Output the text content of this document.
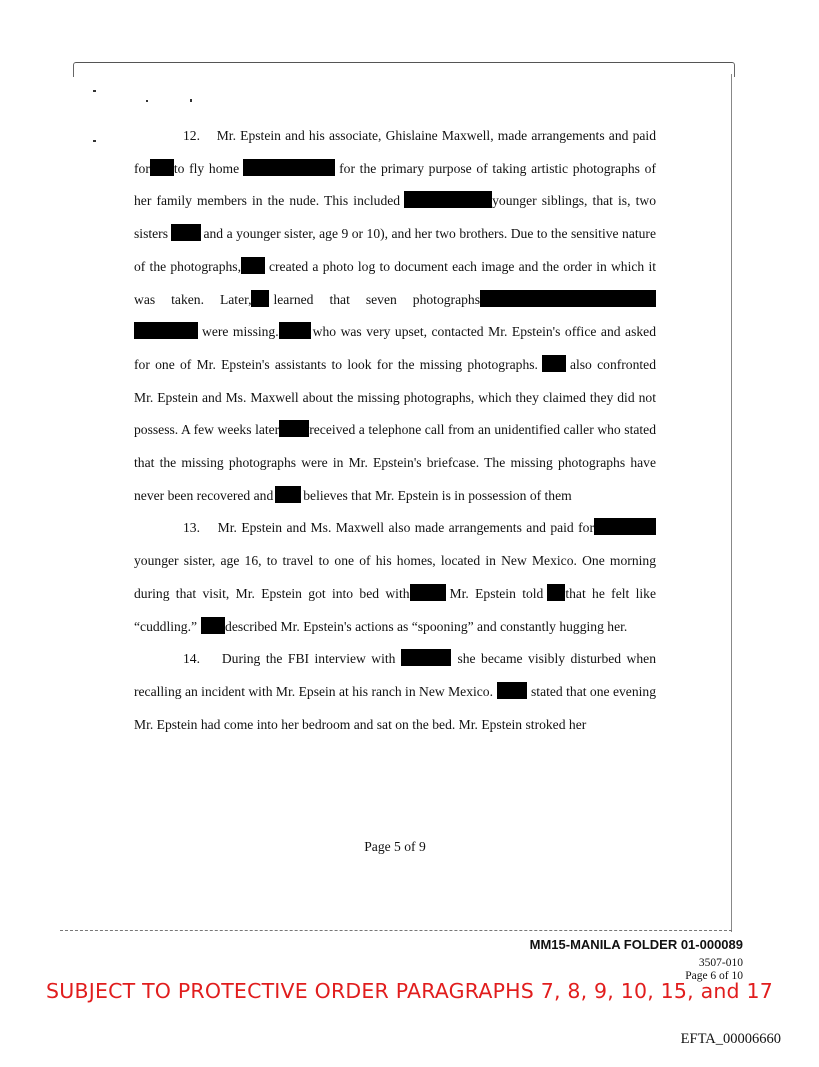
12. Mr. Epstein and his associate, Ghislaine Maxwell, made arrangements and paid for to fly home	for the primary purpose of taking artistic photographs of her family members in the nude. This included	younger siblings, that is, two sisters	and a younger sister, age 9 or 10), and her two brothers. Due to the sensitive nature of the photographs, created a photo log to document each image and the order in which it was taken. Later, learned that seven photographs were missing.	who was very upset, contacted Mr. Epstein's office and asked for one of Mr. Epstein's assistants to look for the missing photographs. also confronted Mr. Epstein and Ms. Maxwell about the missing photographs, which they claimed they did not possess. A few weeks later received a telephone call from an unidentified caller who stated that the missing photographs were in Mr. Epstein's briefcase. The missing photographs have never been recovered and believes that Mr. Epstein is in possession of them

13. Mr. Epstein and Ms. Maxwell also made arrangements and paid for younger sister, age 16, to travel to one of his homes, located in New Mexico. One morning during that visit, Mr. Epstein got into bed with	Mr. Epstein told that he felt like “cuddling.” described Mr. Epstein's actions as “spooning” and constantly hugging her.

14. During the FBI interview with	she became visibly disturbed when recalling an incident with Mr. Epsein at his ranch in New Mexico.	stated that one evening Mr. Epstein had come into her bedroom and sat on the bed. Mr. Epstein stroked her

Page 5 of 9
MM15-MANILA FOLDER 01-000089
3507-010
Page 6 of 10
SUBJECT TO PROTECTIVE ORDER PARAGRAPHS 7, 8, 9, 10, 15, and 17
EFTA_00006660
